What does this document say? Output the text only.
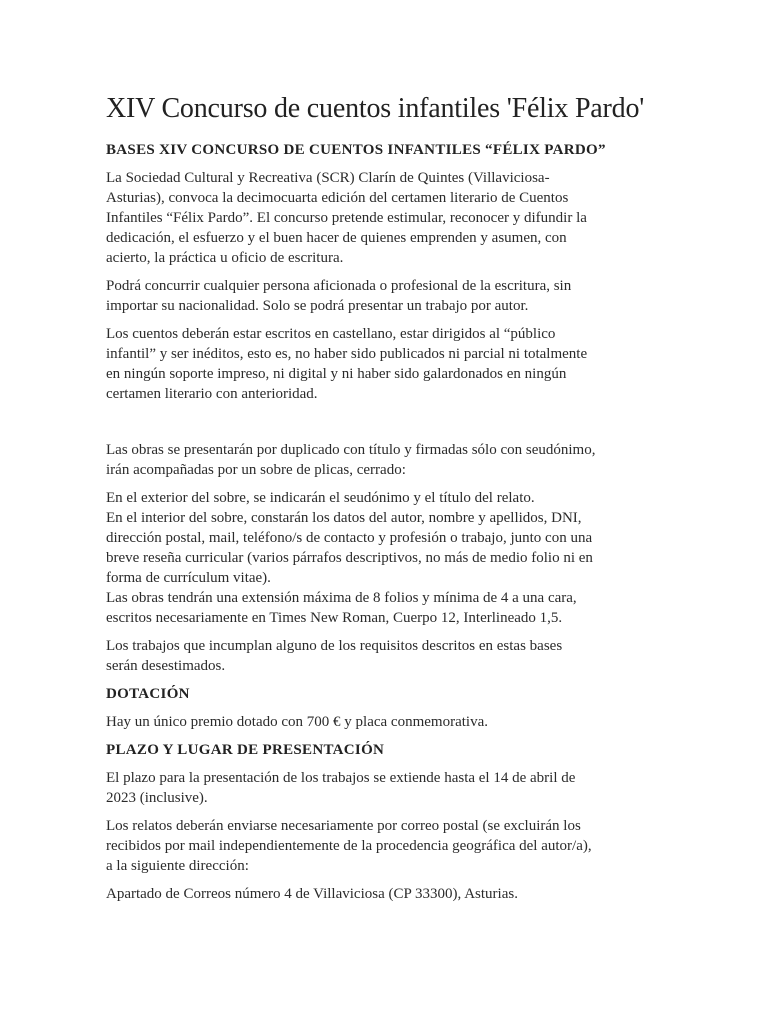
XIV Concurso de cuentos infantiles 'Félix Pardo'
BASES XIV CONCURSO DE CUENTOS INFANTILES “FÉLIX PARDO”

La Sociedad Cultural y Recreativa (SCR) Clarín de Quintes (Villaviciosa-
Asturias), convoca la decimocuarta edición del certamen literario de Cuentos
Infantiles “Félix Pardo”. El concurso pretende estimular, reconocer y difundir la
dedicación, el esfuerzo y el buen hacer de quienes emprenden y asumen, con
acierto, la práctica u oficio de escritura.

Podrá concurrir cualquier persona aficionada o profesional de la escritura, sin
importar su nacionalidad. Solo se podrá presentar un trabajo por autor.

Los cuentos deberán estar escritos en castellano, estar dirigidos al “público
infantil” y ser inéditos, esto es, no haber sido publicados ni parcial ni totalmente
en ningún soporte impreso, ni digital y ni haber sido galardonados en ningún
certamen literario con anterioridad.

Las obras se presentarán por duplicado con título y firmadas sólo con seudónimo,
irán acompañadas por un sobre de plicas, cerrado:

En el exterior del sobre, se indicarán el seudónimo y el título del relato.
En el interior del sobre, constarán los datos del autor, nombre y apellidos, DNI,
dirección postal, mail, teléfono/s de contacto y profesión o trabajo, junto con una
breve reseña curricular (varios párrafos descriptivos, no más de medio folio ni en
forma de currículum vitae).
Las obras tendrán una extensión máxima de 8 folios y mínima de 4 a una cara,
escritos necesariamente en Times New Roman, Cuerpo 12, Interlineado 1,5.

Los trabajos que incumplan alguno de los requisitos descritos en estas bases
serán desestimados.

DOTACIÓN

Hay un único premio dotado con 700 € y placa conmemorativa.

PLAZO Y LUGAR DE PRESENTACIÓN

El plazo para la presentación de los trabajos se extiende hasta el 14 de abril de
2023 (inclusive).

Los relatos deberán enviarse necesariamente por correo postal (se excluirán los
recibidos por mail independientemente de la procedencia geográfica del autor/a),
a la siguiente dirección:

Apartado de Correos número 4 de Villaviciosa (CP 33300), Asturias.
